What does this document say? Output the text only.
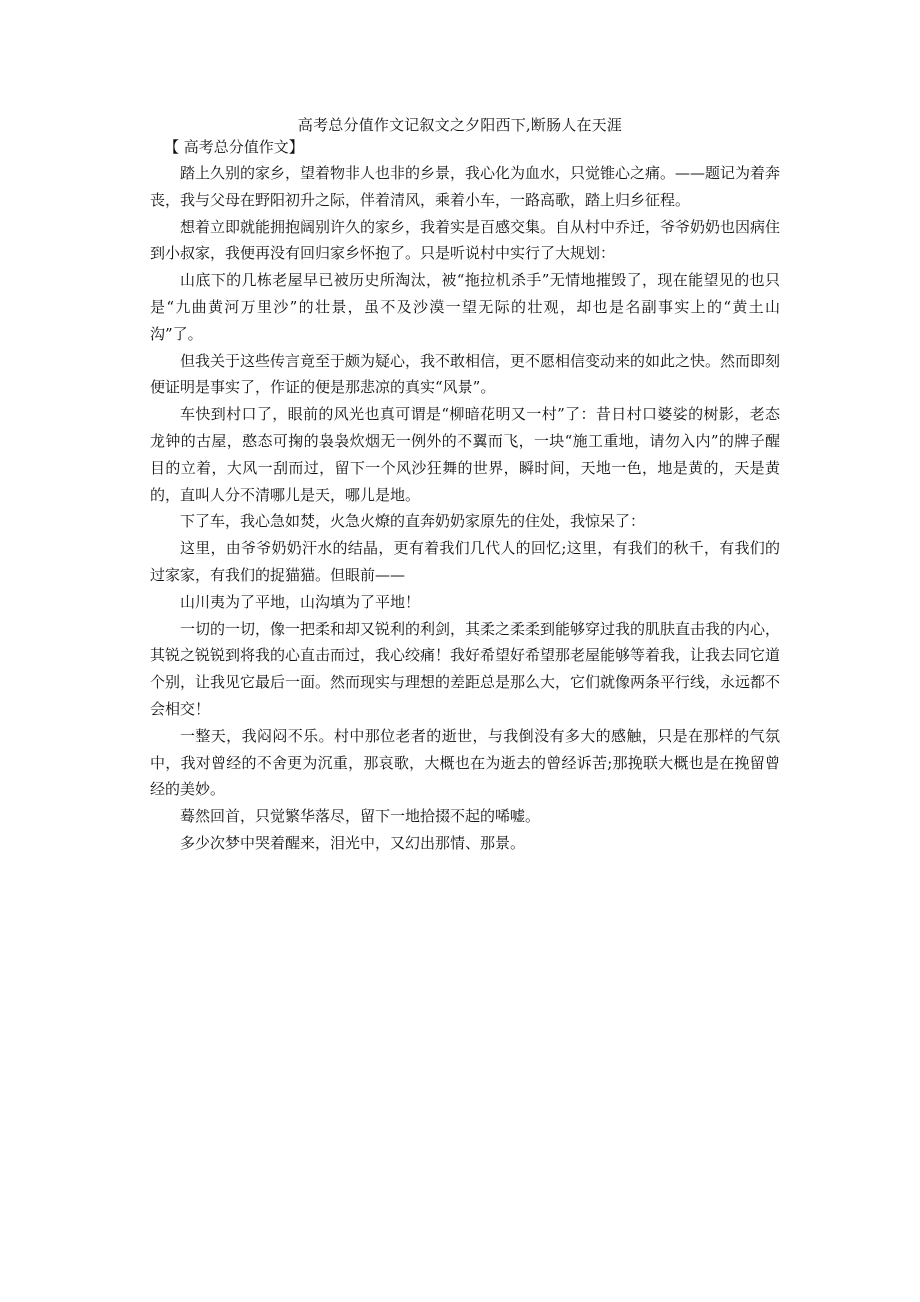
高考总分值作文记叙文之夕阳西下,断肠人在天涯
【 高考总分值作文】

踏上久别的家乡，望着物非人也非的乡景，我心化为血水，只觉锥心之痛。——题记为着奔丧，我与父母在野阳初升之际，伴着清风，乘着小车，一路高歌，踏上归乡征程。

想着立即就能拥抱阔别许久的家乡，我着实是百感交集。自从村中乔迁，爷爷奶奶也因病住到小叔家，我便再没有回归家乡怀抱了。只是听说村中实行了大规划：

山底下的几栋老屋早已被历史所淘汰，被“拖拉机杀手”无情地摧毁了，现在能望见的也只是“九曲黄河万里沙”的壮景，虽不及沙漠一望无际的壮观，却也是名副事实上的“黄土山沟”了。

但我关于这些传言竟至于颇为疑心，我不敢相信，更不愿相信变动来的如此之快。然而即刻便证明是事实了，作证的便是那悲凉的真实“风景”。

车快到村口了，眼前的风光也真可谓是“柳暗花明又一村”了：昔日村口婆娑的树影，老态龙钟的古屋，憨态可掬的袅袅炊烟无一例外的不翼而飞，一块“施工重地，请勿入内”的牌子醒目的立着，大风一刮而过，留下一个风沙狂舞的世界，瞬时间，天地一色，地是黄的，天是黄的，直叫人分不清哪儿是天，哪儿是地。

下了车，我心急如焚，火急火燎的直奔奶奶家原先的住处，我惊呆了：

这里，由爷爷奶奶汗水的结晶，更有着我们几代人的回忆;这里，有我们的秋千，有我们的过家家，有我们的捉猫猫。但眼前——

山川夷为了平地，山沟填为了平地！

一切的一切，像一把柔和却又锐利的利剑，其柔之柔柔到能够穿过我的肌肤直击我的内心，其锐之锐锐到将我的心直击而过，我心绞痛！我好希望好希望那老屋能够等着我，让我去同它道个别，让我见它最后一面。然而现实与理想的差距总是那么大，它们就像两条平行线，永远都不会相交！

一整天，我闷闷不乐。村中那位老者的逝世，与我倒没有多大的感触，只是在那样的气氛中，我对曾经的不舍更为沉重，那哀歌，大概也在为逝去的曾经诉苦;那挽联大概也是在挽留曾经的美妙。

蓦然回首，只觉繁华落尽，留下一地拾掇不起的唏嘘。

多少次梦中哭着醒来，泪光中，又幻出那情、那景。
